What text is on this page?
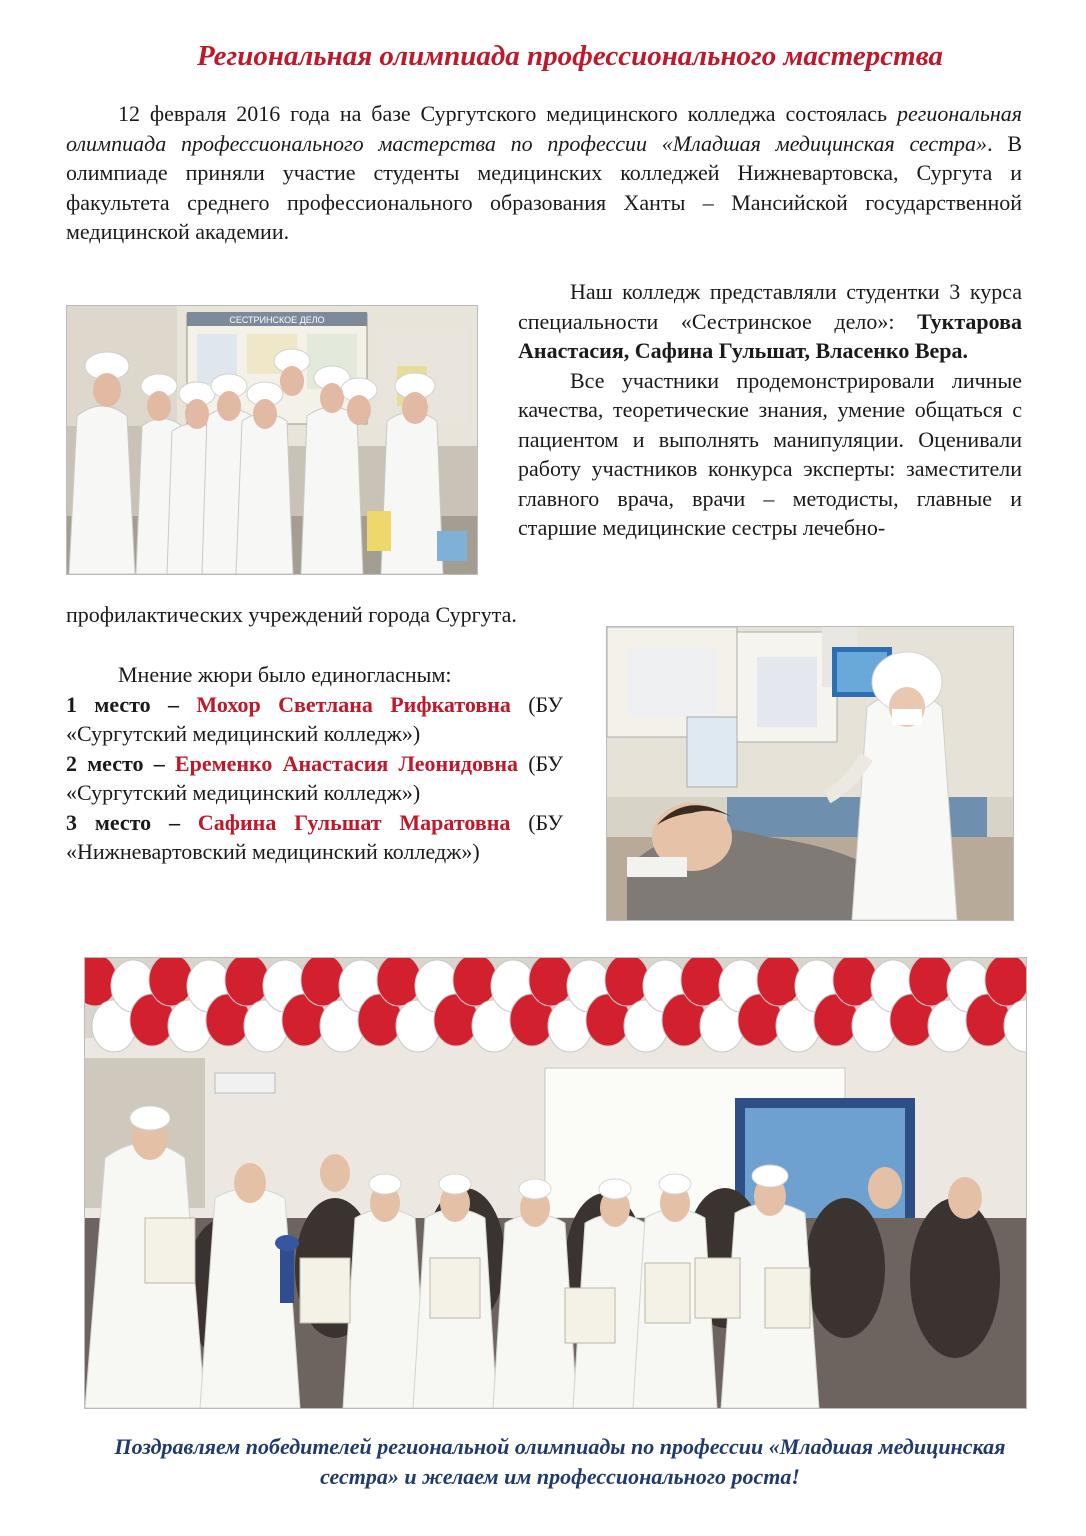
Региональная олимпиада профессионального мастерства

12 февраля 2016 года на базе Сургутского медицинского колледжа состоялась региональная олимпиада профессионального мастерства по профессии «Младшая медицинская сестра». В олимпиаде приняли участие студенты медицинских колледжей Нижневартовска, Сургута и факультета среднего профессионального образования Ханты – Мансийской государственной медицинской академии.

СЕСТРИНСКОЕ ДЕЛО

Наш колледж представляли студентки 3 курса специальности «Сестринское дело»: Туктарова Анастасия, Сафина Гульшат, Власенко Вера.

Все участники продемонстрировали личные качества, теоретические знания, умение общаться с пациентом и выполнять манипуляции. Оценивали работу участников конкурса эксперты: заместители главного врача, врачи – методисты, главные и старшие медицинские сестры лечебно-

профилактических учреждений города Сургута.

Мнение жюри было единогласным:

1 место – Мохор Светлана Рифкатовна (БУ «Сургутский медицинский колледж»)

2 место – Еременко Анастасия Леонидовна (БУ «Сургутский медицинский колледж»)

3 место – Сафина Гульшат Маратовна (БУ «Нижневартовский медицинский колледж»)

Поздравляем победителей региональной олимпиады по профессии «Младшая медицинская сестра» и желаем им профессионального роста!
